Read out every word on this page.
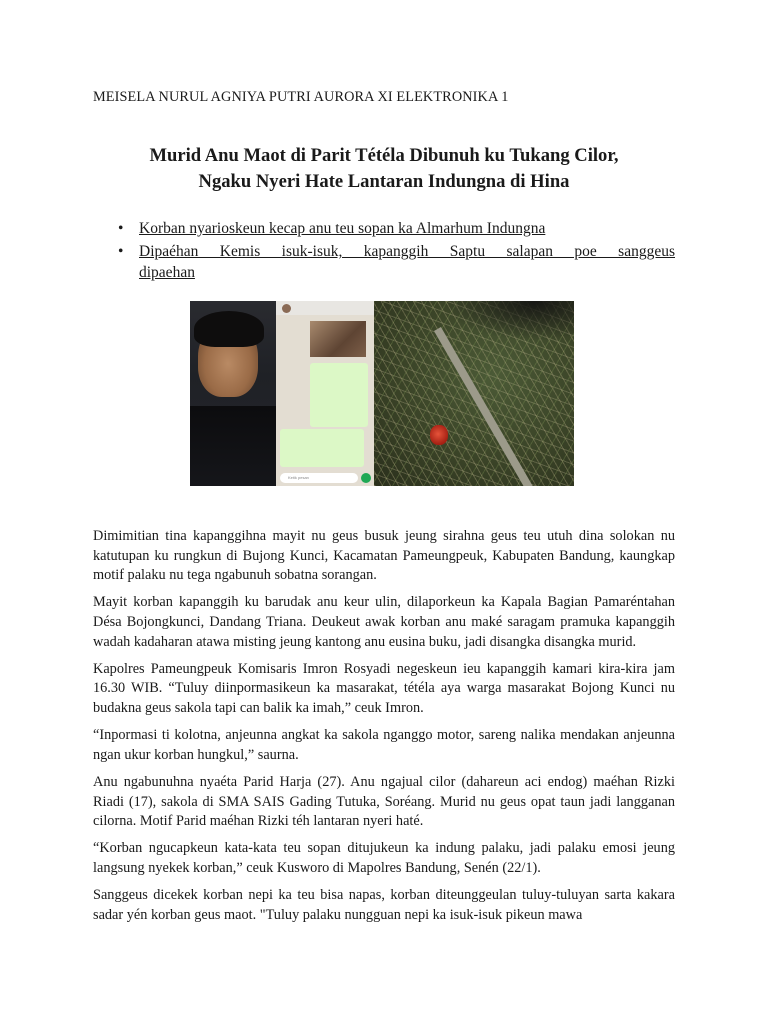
MEISELA NURUL AGNIYA PUTRI AURORA XI ELEKTRONIKA 1
Murid Anu Maot di Parit Tétéla Dibunuh ku Tukang Cilor,
Ngaku Nyeri Hate Lantaran Indungna di Hina
• Korban nyarioskeun kecap anu teu sopan ka Almarhum Indungna
• Dipaéhan Kemis isuk-isuk, kapanggih Saptu salapan poe sanggeus
dipaehan
Ketik pesan

Dimimitian tina kapanggihna mayit nu geus busuk jeung sirahna geus teu utuh dina solokan nu katutupan ku rungkun di Bujong Kunci, Kacamatan Pameungpeuk, Kabupaten Bandung, kaungkap motif palaku nu tega ngabunuh sobatna sorangan.

Mayit korban kapanggih ku barudak anu keur ulin, dilaporkeun ka Kapala Bagian Pamaréntahan Désa Bojongkunci, Dandang Triana. Deukeut awak korban anu maké saragam pramuka kapanggih wadah kadaharan atawa misting jeung kantong anu eusina buku, jadi disangka disangka murid.

Kapolres Pameungpeuk Komisaris Imron Rosyadi negeskeun ieu kapanggih kamari kira-kira jam 16.30 WIB. “Tuluy diinpormasikeun ka masarakat, tétéla aya warga masarakat Bojong Kunci nu budakna geus sakola tapi can balik ka imah,” ceuk Imron.

“Inpormasi ti kolotna, anjeunna angkat ka sakola nganggo motor, sareng nalika mendakan anjeunna ngan ukur korban hungkul,” saurna.

Anu ngabunuhna nyaéta Parid Harja (27). Anu ngajual cilor (dahareun aci endog) maéhan Rizki Riadi (17), sakola di SMA SAIS Gading Tutuka, Soréang. Murid nu geus opat taun jadi langganan cilorna. Motif Parid maéhan Rizki téh lantaran nyeri haté.

“Korban ngucapkeun kata-kata teu sopan ditujukeun ka indung palaku, jadi palaku emosi jeung langsung nyekek korban,” ceuk Kusworo di Mapolres Bandung, Senén (22/1).

Sanggeus dicekek korban nepi ka teu bisa napas, korban diteunggeulan tuluy-tuluyan sarta kakara sadar yén korban geus maot. "Tuluy palaku nungguan nepi ka isuk-isuk pikeun mawa
